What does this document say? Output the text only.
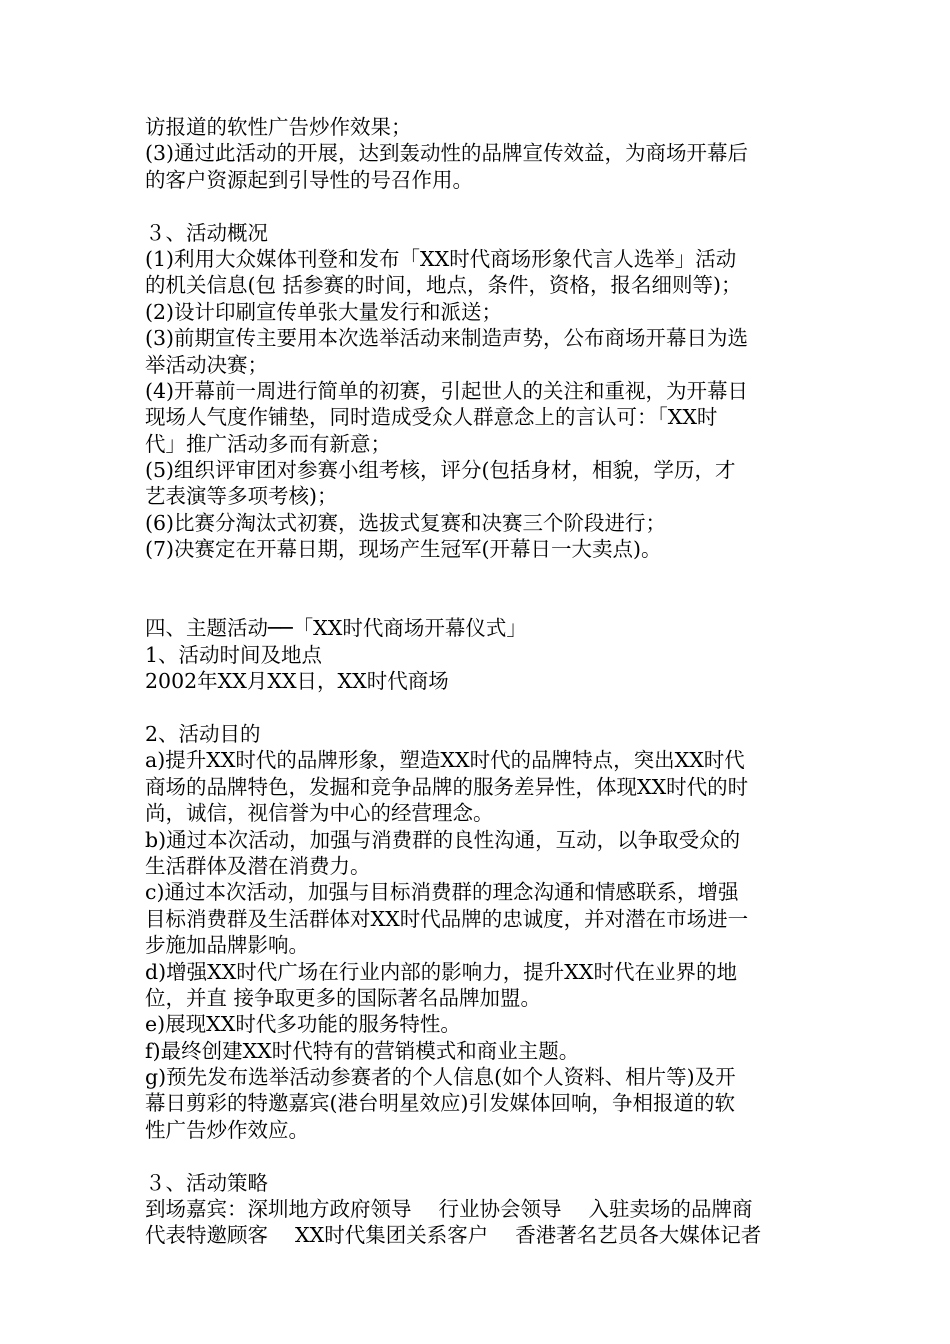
访报道的软性广告炒作效果；
(3)通过此活动的开展，达到轰动性的品牌宣传效益，为商场开幕后
的客户资源起到引导性的号召作用。
３、活动概况
(1)利用大众媒体刊登和发布「XX时代商场形象代言人选举」活动
的机关信息(包 括参赛的时间，地点，条件，资格，报名细则等)；
(2)设计印刷宣传单张大量发行和派送；
(3)前期宣传主要用本次选举活动来制造声势，公布商场开幕日为选
举活动决赛；
(4)开幕前一周进行简单的初赛，引起世人的关注和重视，为开幕日
现场人气度作铺垫，同时造成受众人群意念上的言认可：「XX时
代」推广活动多而有新意；
(5)组织评审团对参赛小组考核，评分(包括身材，相貌，学历，才
艺表演等多项考核)；
(6)比赛分淘汰式初赛，选拔式复赛和决赛三个阶段进行；
(7)决赛定在开幕日期，现场产生冠军(开幕日一大卖点)。
四、主题活动──「XX时代商场开幕仪式」
1、活动时间及地点
2002年XX月XX日，XX时代商场
2、活动目的
a)提升XX时代的品牌形象，塑造XX时代的品牌特点，突出XX时代
商场的品牌特色，发掘和竞争品牌的服务差异性，体现XX时代的时
尚，诚信，视信誉为中心的经营理念。
b)通过本次活动，加强与消费群的良性沟通，互动，以争取受众的
生活群体及潜在消费力。
c)通过本次活动，加强与目标消费群的理念沟通和情感联系，增强
目标消费群及生活群体对XX时代品牌的忠诚度，并对潜在市场进一
步施加品牌影响。
d)增强XX时代广场在行业内部的影响力，提升XX时代在业界的地
位，并直 接争取更多的国际著名品牌加盟。
e)展现XX时代多功能的服务特性。
f)最终创建XX时代特有的营销模式和商业主题。
g)预先发布选举活动参赛者的个人信息(如个人资料、相片等)及开
幕日剪彩的特邀嘉宾(港台明星效应)引发媒体回响，争相报道的软
性广告炒作效应。
３、活动策略
到场嘉宾：深圳地方政府领导　 行业协会领导　 入驻卖场的品牌商
代表特邀顾客　 XX时代集团关系客户　 香港著名艺员各大媒体记者
